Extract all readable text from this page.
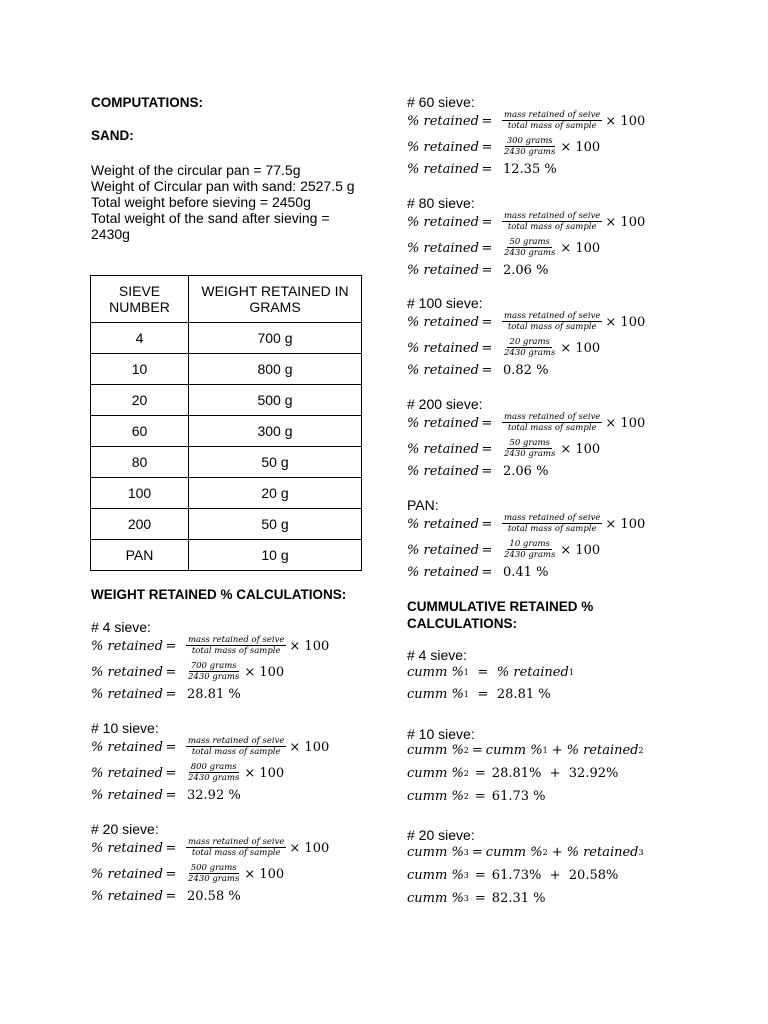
COMPUTATIONS:
SAND:
Weight of the circular pan = 77.5g
Weight of Circular pan with sand: 2527.5 g
Total weight before sieving = 2450g
Total weight of the sand after sieving =
2430g
SIEVE NUMBER	WEIGHT RETAINED IN GRAMS
4	700 g
10	800 g
20	500 g
60	300 g
80	50 g
100	20 g
200	50 g
PAN	10 g
WEIGHT RETAINED % CALCULATIONS:
# 4 sieve:
% retained =	$\frac{\text{mass retained of seive}}{\text{total mass of sample}} \times 100$
% retained =	$\frac{\text{700 grams}}{\text{2430 grams}} \times 100$
% retained = 28.81 %
# 10 sieve:
% retained =	$\frac{\text{mass retained of seive}}{\text{total mass of sample}} \times 100$
% retained =	$\frac{\text{800 grams}}{\text{2430 grams}} \times 100$
% retained = 32.92 %
# 20 sieve:
% retained =	$\frac{\text{mass retained of seive}}{\text{total mass of sample}} \times 100$
% retained =	$\frac{\text{500 grams}}{\text{2430 grams}} \times 100$
% retained = 20.58 %
# 60 sieve:
% retained =	$\frac{\text{mass retained of seive}}{\text{total mass of sample}} \times 100$
% retained =	$\frac{\text{300 grams}}{\text{2430 grams}} \times 100$
% retained = 12.35 %
# 80 sieve:
% retained =	$\frac{\text{mass retained of seive}}{\text{total mass of sample}} \times 100$
% retained =	$\frac{\text{50 grams}}{\text{2430 grams}} \times 100$
% retained = 2.06 %
# 100 sieve:
% retained =	$\frac{\text{mass retained of seive}}{\text{total mass of sample}} \times 100$
% retained =	$\frac{\text{20 grams}}{\text{2430 grams}} \times 100$
% retained = 0.82 %
# 200 sieve:
% retained =	$\frac{\text{mass retained of seive}}{\text{total mass of sample}} \times 100$
% retained =	$\frac{\text{50 grams}}{\text{2430 grams}} \times 100$
% retained = 2.06 %
PAN:
% retained =	$\frac{\text{mass retained of seive}}{\text{total mass of sample}} \times 100$
% retained =	$\frac{\text{10 grams}}{\text{2430 grams}} \times 100$
% retained = 0.41 %
CUMMULATIVE RETAINED %
CALCULATIONS:
# 4 sieve:
cumm % 1 = % retained 1
cumm % 1 = 28.81 %
# 10 sieve:
cumm % 2 = cumm % 1 + % retained 2
cumm % 2 = 28.81%  +  32.92%
cumm % 2 = 61.73 %
# 20 sieve:
cumm % 3 = cumm % 2 + % retained 3
cumm % 3 = 61.73%  +  20.58%
cumm % 3 = 82.31 %
